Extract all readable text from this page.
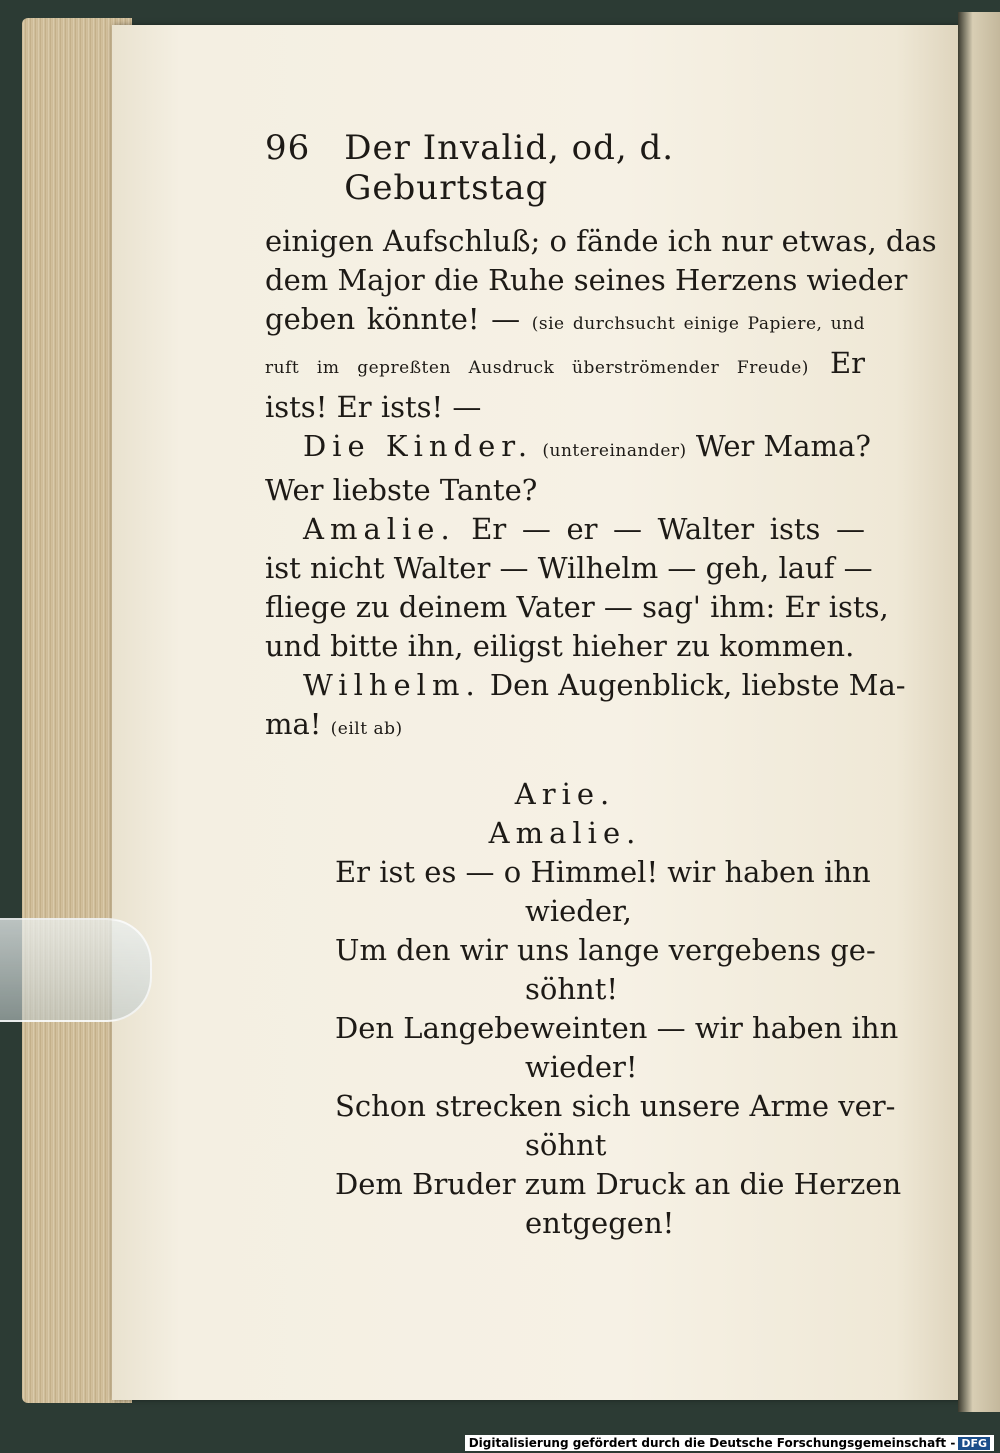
96 Der Invalid, od, d. Geburtstag
einigen Aufschluß; o fände ich nur etwas, das
dem Major die Ruhe seines Herzens wieder
geben könnte! — (sie durchsucht einige Papiere, und
ruft im gepreßten Ausdruck überströmender Freude) Er
ists! Er ists! —
Die Kinder. (untereinander) Wer Mama?
Wer liebste Tante?
Amalie. Er — er — Walter ists —
ist nicht Walter — Wilhelm — geh, lauf —
fliege zu deinem Vater — sag' ihm: Er ists,
und bitte ihn, eiligst hieher zu kommen.
Wilhelm. Den Augenblick, liebste Ma-
ma! (eilt ab)
Arie.
Amalie.
Er ist es — o Himmel! wir haben ihn
wieder,
Um den wir uns lange vergebens ge-
söhnt!
Den Langebeweinten — wir haben ihn
wieder!
Schon strecken sich unsere Arme ver-
söhnt
Dem Bruder zum Druck an die Herzen
entgegen!
Digitalisierung gefördert durch die Deutsche Forschungsgemeinschaft - DFG
